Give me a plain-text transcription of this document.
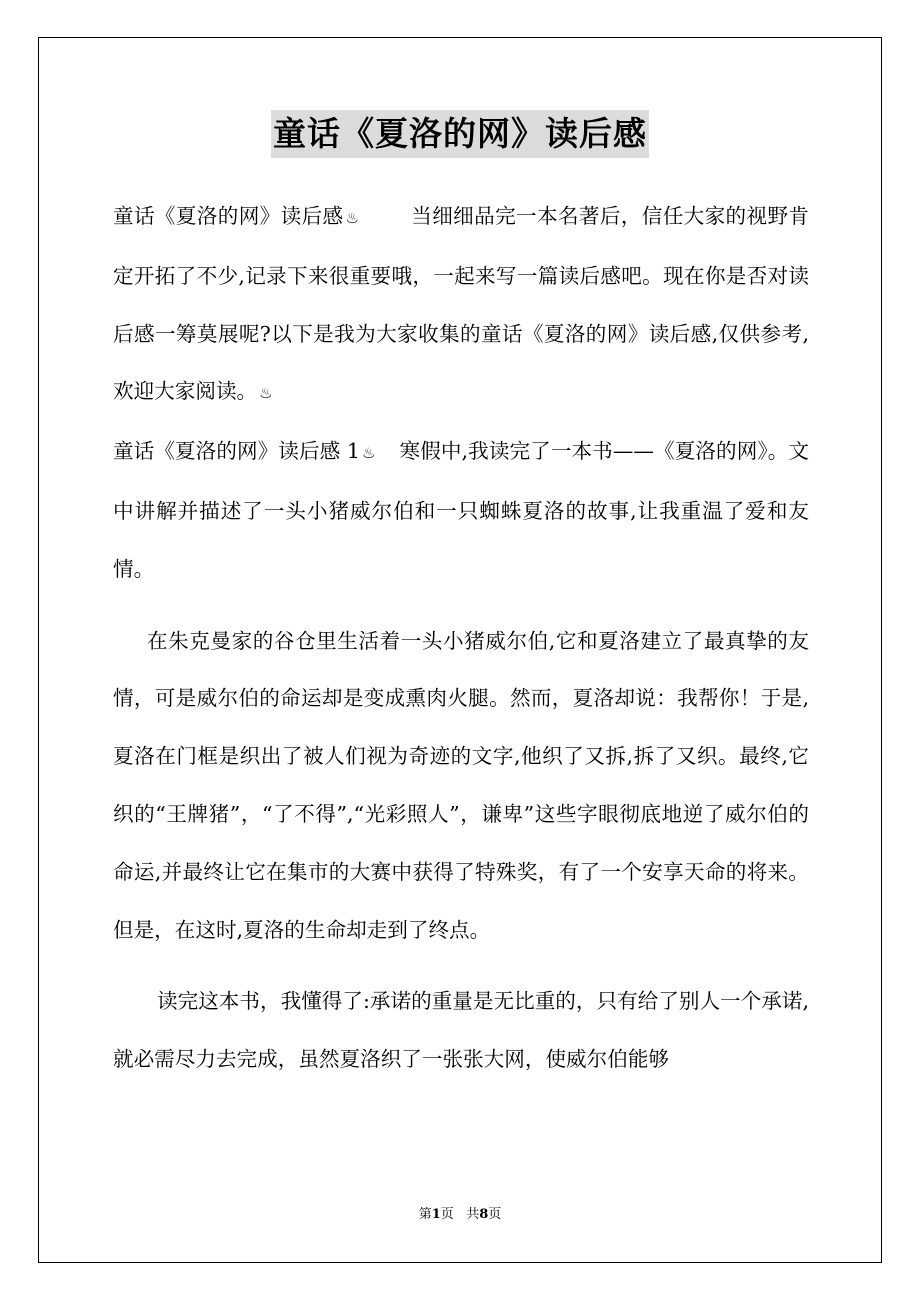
童话《夏洛的网》读后感

童话《夏洛的网》读后感 ♨	当细细品完一本名著后，信任大家的视野肯定开拓了不少,记录下来很重要哦，一起来写一篇读后感吧。现在你是否对读后感一筹莫展呢?以下是我为大家收集的童话《夏洛的网》读后感,仅供参考,欢迎大家阅读。 ♨

童话《夏洛的网》读后感 1 ♨ 寒假中,我读完了一本书——《夏洛的网》。文中讲解并描述了一头小猪威尔伯和一只蜘蛛夏洛的故事,让我重温了爱和友情。

在朱克曼家的谷仓里生活着一头小猪威尔伯,它和夏洛建立了最真挚的友情，可是威尔伯的命运却是变成熏肉火腿。然而，夏洛却说：我帮你！于是,夏洛在门框是织出了被人们视为奇迹的文字,他织了又拆,拆了又织。最终,它织的“王牌猪”，“了不得”,“光彩照人”，谦卑”这些字眼彻底地逆了威尔伯的命运,并最终让它在集市的大赛中获得了特殊奖，有了一个安享天命的将来。但是，在这时,夏洛的生命却走到了终点。

读完这本书，我懂得了:承诺的重量是无比重的，只有给了别人一个承诺,就必需尽力去完成，虽然夏洛织了一张张大网，使威尔伯能够

第1页 共8页
